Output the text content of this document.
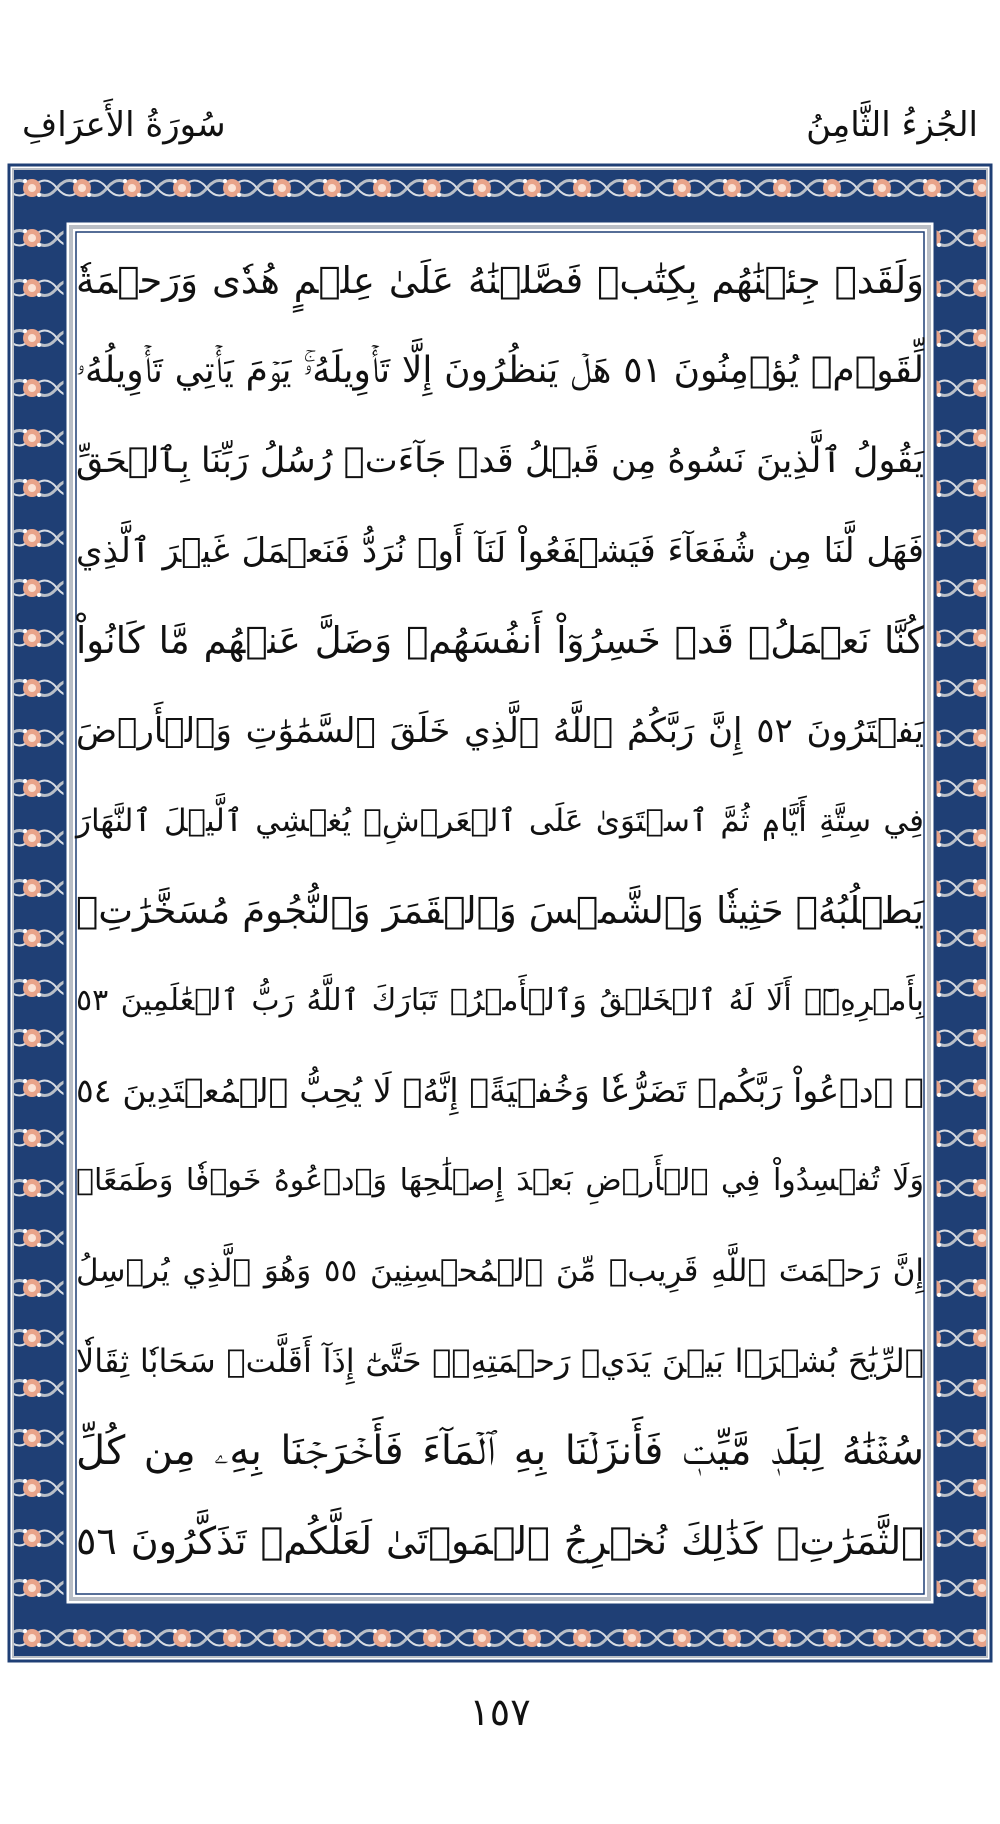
الجُزءُ الثَّامِنُ
سُورَةُ الأَعرَافِ
وَلَقَدۡ جِئۡنَٰهُم بِكِتَٰبٖ فَصَّلۡنَٰهُ عَلَىٰ عِلۡمٍ هُدٗى وَرَحۡمَةٗ
لِّقَوۡمٖ يُؤۡمِنُونَ ٥١ هَلۡ يَنظُرُونَ إِلَّا تَأۡوِيلَهُۥۚ يَوۡمَ يَأۡتِي تَأۡوِيلُهُۥ
يَقُولُ ٱلَّذِينَ نَسُوهُ مِن قَبۡلُ قَدۡ جَآءَتۡ رُسُلُ رَبِّنَا بِٱلۡحَقِّ
فَهَل لَّنَا مِن شُفَعَآءَ فَيَشۡفَعُواْ لَنَآ أَوۡ نُرَدُّ فَنَعۡمَلَ غَيۡرَ ٱلَّذِي
كُنَّا نَعۡمَلُۚ قَدۡ خَسِرُوٓاْ أَنفُسَهُمۡ وَضَلَّ عَنۡهُم مَّا كَانُواْ
يَفۡتَرُونَ ٥٢ إِنَّ رَبَّكُمُ ٱللَّهُ ٱلَّذِي خَلَقَ ٱلسَّمَٰوَٰتِ وَٱلۡأَرۡضَ
فِي سِتَّةِ أَيَّامٖ ثُمَّ ٱسۡتَوَىٰ عَلَى ٱلۡعَرۡشِۖ يُغۡشِي ٱلَّيۡلَ ٱلنَّهَارَ
يَطۡلُبُهُۥ حَثِيثٗا وَٱلشَّمۡسَ وَٱلۡقَمَرَ وَٱلنُّجُومَ مُسَخَّرَٰتِۭ
بِأَمۡرِهِۦٓۗ أَلَا لَهُ ٱلۡخَلۡقُ وَٱلۡأَمۡرُۗ تَبَارَكَ ٱللَّهُ رَبُّ ٱلۡعَٰلَمِينَ ٥٣
۞ ٱدۡعُواْ رَبَّكُمۡ تَضَرُّعٗا وَخُفۡيَةًۚ إِنَّهُۥ لَا يُحِبُّ ٱلۡمُعۡتَدِينَ ٥٤
وَلَا تُفۡسِدُواْ فِي ٱلۡأَرۡضِ بَعۡدَ إِصۡلَٰحِهَا وَٱدۡعُوهُ خَوۡفٗا وَطَمَعًاۚ
إِنَّ رَحۡمَتَ ٱللَّهِ قَرِيبٞ مِّنَ ٱلۡمُحۡسِنِينَ ٥٥ وَهُوَ ٱلَّذِي يُرۡسِلُ
ٱلرِّيَٰحَ بُشۡرَۢا بَيۡنَ يَدَيۡ رَحۡمَتِهِۦۖ حَتَّىٰٓ إِذَآ أَقَلَّتۡ سَحَابٗا ثِقَالٗا
سُقۡنَٰهُ لِبَلَدٖ مَّيِّتٖ فَأَنزَلۡنَا بِهِ ٱلۡمَآءَ فَأَخۡرَجۡنَا بِهِۦ مِن كُلِّ
ٱلثَّمَرَٰتِۚ كَذَٰلِكَ نُخۡرِجُ ٱلۡمَوۡتَىٰ لَعَلَّكُمۡ تَذَكَّرُونَ ٥٦
١٥٧
